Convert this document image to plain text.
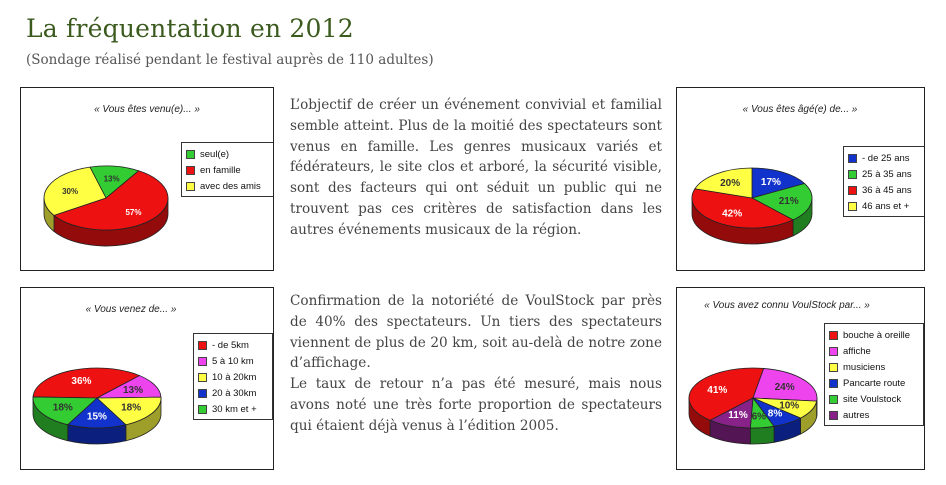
La fréquentation en 2012
(Sondage réalisé pendant le festival auprès de 110 adultes)
« Vous êtes venu(e)... »
13%
57%
30%
seul(e)
en famille
avec des amis
« Vous êtes âgé(e) de... »
17%
21%
42%
20%
- de 25 ans
25 à 35 ans
36 à 45 ans
46 ans et +
« Vous venez de... »
36%
13%
18%
15%
18%
- de 5km
5 à 10 km
10 à 20km
20 à 30km
30 km et +
« Vous avez connu VoulStock par... »
41%	24%
10%
8%
6%
11%
bouche à oreille
affiche
musiciens
Pancarte route
site Voulstock
autres

L’objectif de créer un événement convivial et familial semble atteint. Plus de la moitié des spectateurs sont venus en famille. Les genres musicaux variés et fédérateurs, le site clos et arboré, la sécurité visible, sont des facteurs qui ont séduit un public qui ne trouvent pas ces critères de satisfaction dans les autres événements musicaux de la région.

Confirmation de la notoriété de VoulStock par près de 40% des spectateurs. Un tiers des spectateurs viennent de plus de 20 km, soit au-delà de notre zone d’affichage.

Le taux de retour n’a pas été mesuré, mais nous avons noté une très forte proportion de spectateurs qui étaient déjà venus à l’édition 2005.
